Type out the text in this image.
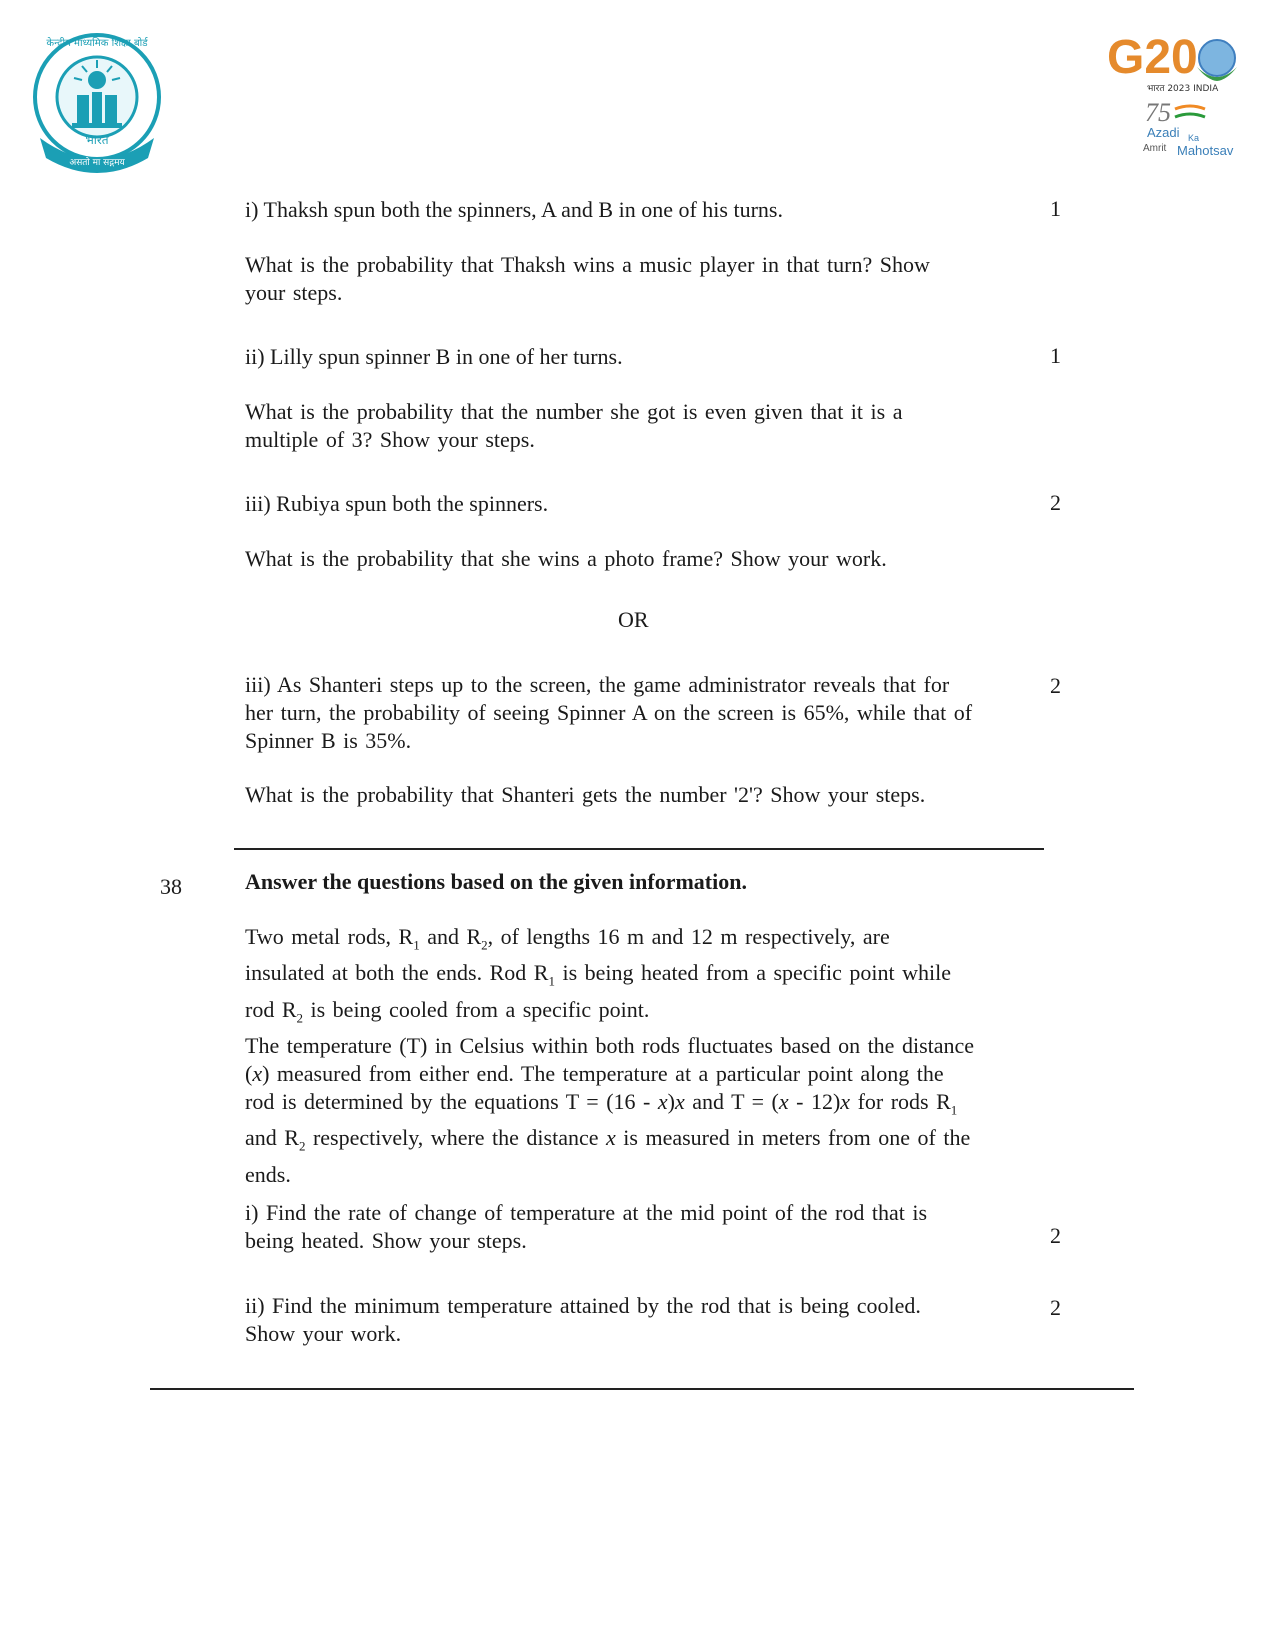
केन्द्रीय माध्यमिक शिक्षा बोर्ड
भारत
असतो मा सद्गमय
G20
भारत 2023 INDIA
75
Azadi Ka
Amrit Mahotsav
i) Thaksh spun both the spinners, A and B in one of his turns.	1
What is the probability that Thaksh wins a music player in that turn? Show your steps.
ii) Lilly spun spinner B in one of her turns.	1
What is the probability that the number she got is even given that it is a multiple of 3? Show your steps.
iii) Rubiya spun both the spinners.	2
What is the probability that she wins a photo frame? Show your work.
OR
iii) As Shanteri steps up to the screen, the game administrator reveals that for her turn, the probability of seeing Spinner A on the screen is 65%, while that of Spinner B is 35%.
2
What is the probability that Shanteri gets the number '2'? Show your steps.
38	Answer the questions based on the given information.
Two metal rods, $R_1$ and $R_2$, of lengths 16 m and 12 m respectively, are insulated at both the ends. Rod $R_1$ is being heated from a specific point while rod $R_2$ is being cooled from a specific point.
The temperature (T) in Celsius within both rods fluctuates based on the distance (x) measured from either end. The temperature at a particular point along the rod is determined by the equations T = (16 - x)x and T = (x - 12)x for rods $R_1$ and $R_2$ respectively, where the distance x is measured in meters from one of the ends.
i) Find the rate of change of temperature at the mid point of the rod that is being heated. Show your steps.	2
ii) Find the minimum temperature attained by the rod that is being cooled. Show your work.
2
